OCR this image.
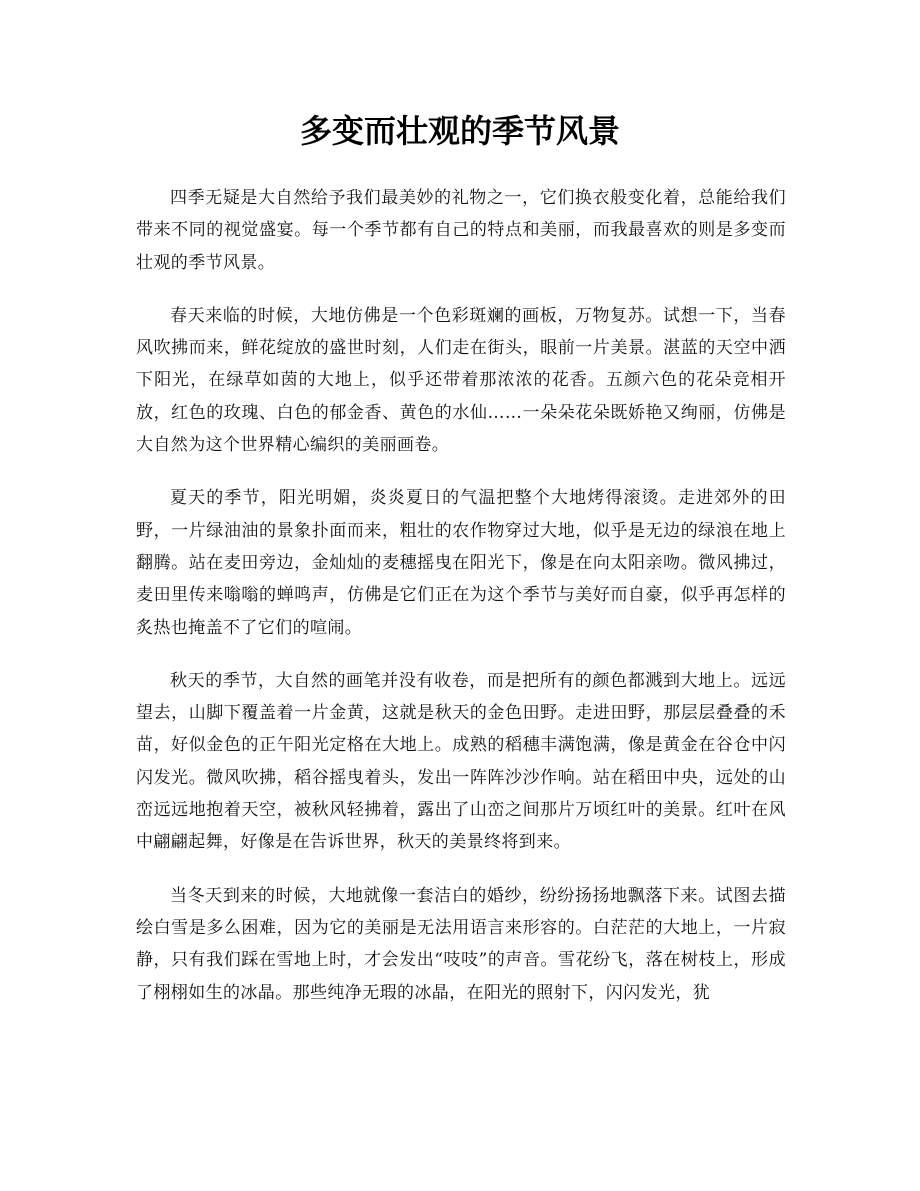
多变而壮观的季节风景

四季无疑是大自然给予我们最美妙的礼物之一，它们换衣般变化着，总能给我们带来不同的视觉盛宴。每一个季节都有自己的特点和美丽，而我最喜欢的则是多变而壮观的季节风景。

春天来临的时候，大地仿佛是一个色彩斑斓的画板，万物复苏。试想一下，当春风吹拂而来，鲜花绽放的盛世时刻，人们走在街头，眼前一片美景。湛蓝的天空中洒下阳光，在绿草如茵的大地上，似乎还带着那浓浓的花香。五颜六色的花朵竞相开放，红色的玫瑰、白色的郁金香、黄色的水仙……一朵朵花朵既娇艳又绚丽，仿佛是大自然为这个世界精心编织的美丽画卷。

夏天的季节，阳光明媚，炎炎夏日的气温把整个大地烤得滚烫。走进郊外的田野，一片绿油油的景象扑面而来，粗壮的农作物穿过大地，似乎是无边的绿浪在地上翻腾。站在麦田旁边，金灿灿的麦穗摇曳在阳光下，像是在向太阳亲吻。微风拂过，麦田里传来嗡嗡的蝉鸣声，仿佛是它们正在为这个季节与美好而自豪，似乎再怎样的炙热也掩盖不了它们的喧闹。

秋天的季节，大自然的画笔并没有收卷，而是把所有的颜色都溅到大地上。远远望去，山脚下覆盖着一片金黄，这就是秋天的金色田野。走进田野，那层层叠叠的禾苗，好似金色的正午阳光定格在大地上。成熟的稻穗丰满饱满，像是黄金在谷仓中闪闪发光。微风吹拂，稻谷摇曳着头，发出一阵阵沙沙作响。站在稻田中央，远处的山峦远远地抱着天空，被秋风轻拂着，露出了山峦之间那片万顷红叶的美景。红叶在风中翩翩起舞，好像是在告诉世界，秋天的美景终将到来。

当冬天到来的时候，大地就像一套洁白的婚纱，纷纷扬扬地飘落下来。试图去描绘白雪是多么困难，因为它的美丽是无法用语言来形容的。白茫茫的大地上，一片寂静，只有我们踩在雪地上时，才会发出“吱吱”的声音。雪花纷飞，落在树枝上，形成了栩栩如生的冰晶。那些纯净无瑕的冰晶，在阳光的照射下，闪闪发光，犹
